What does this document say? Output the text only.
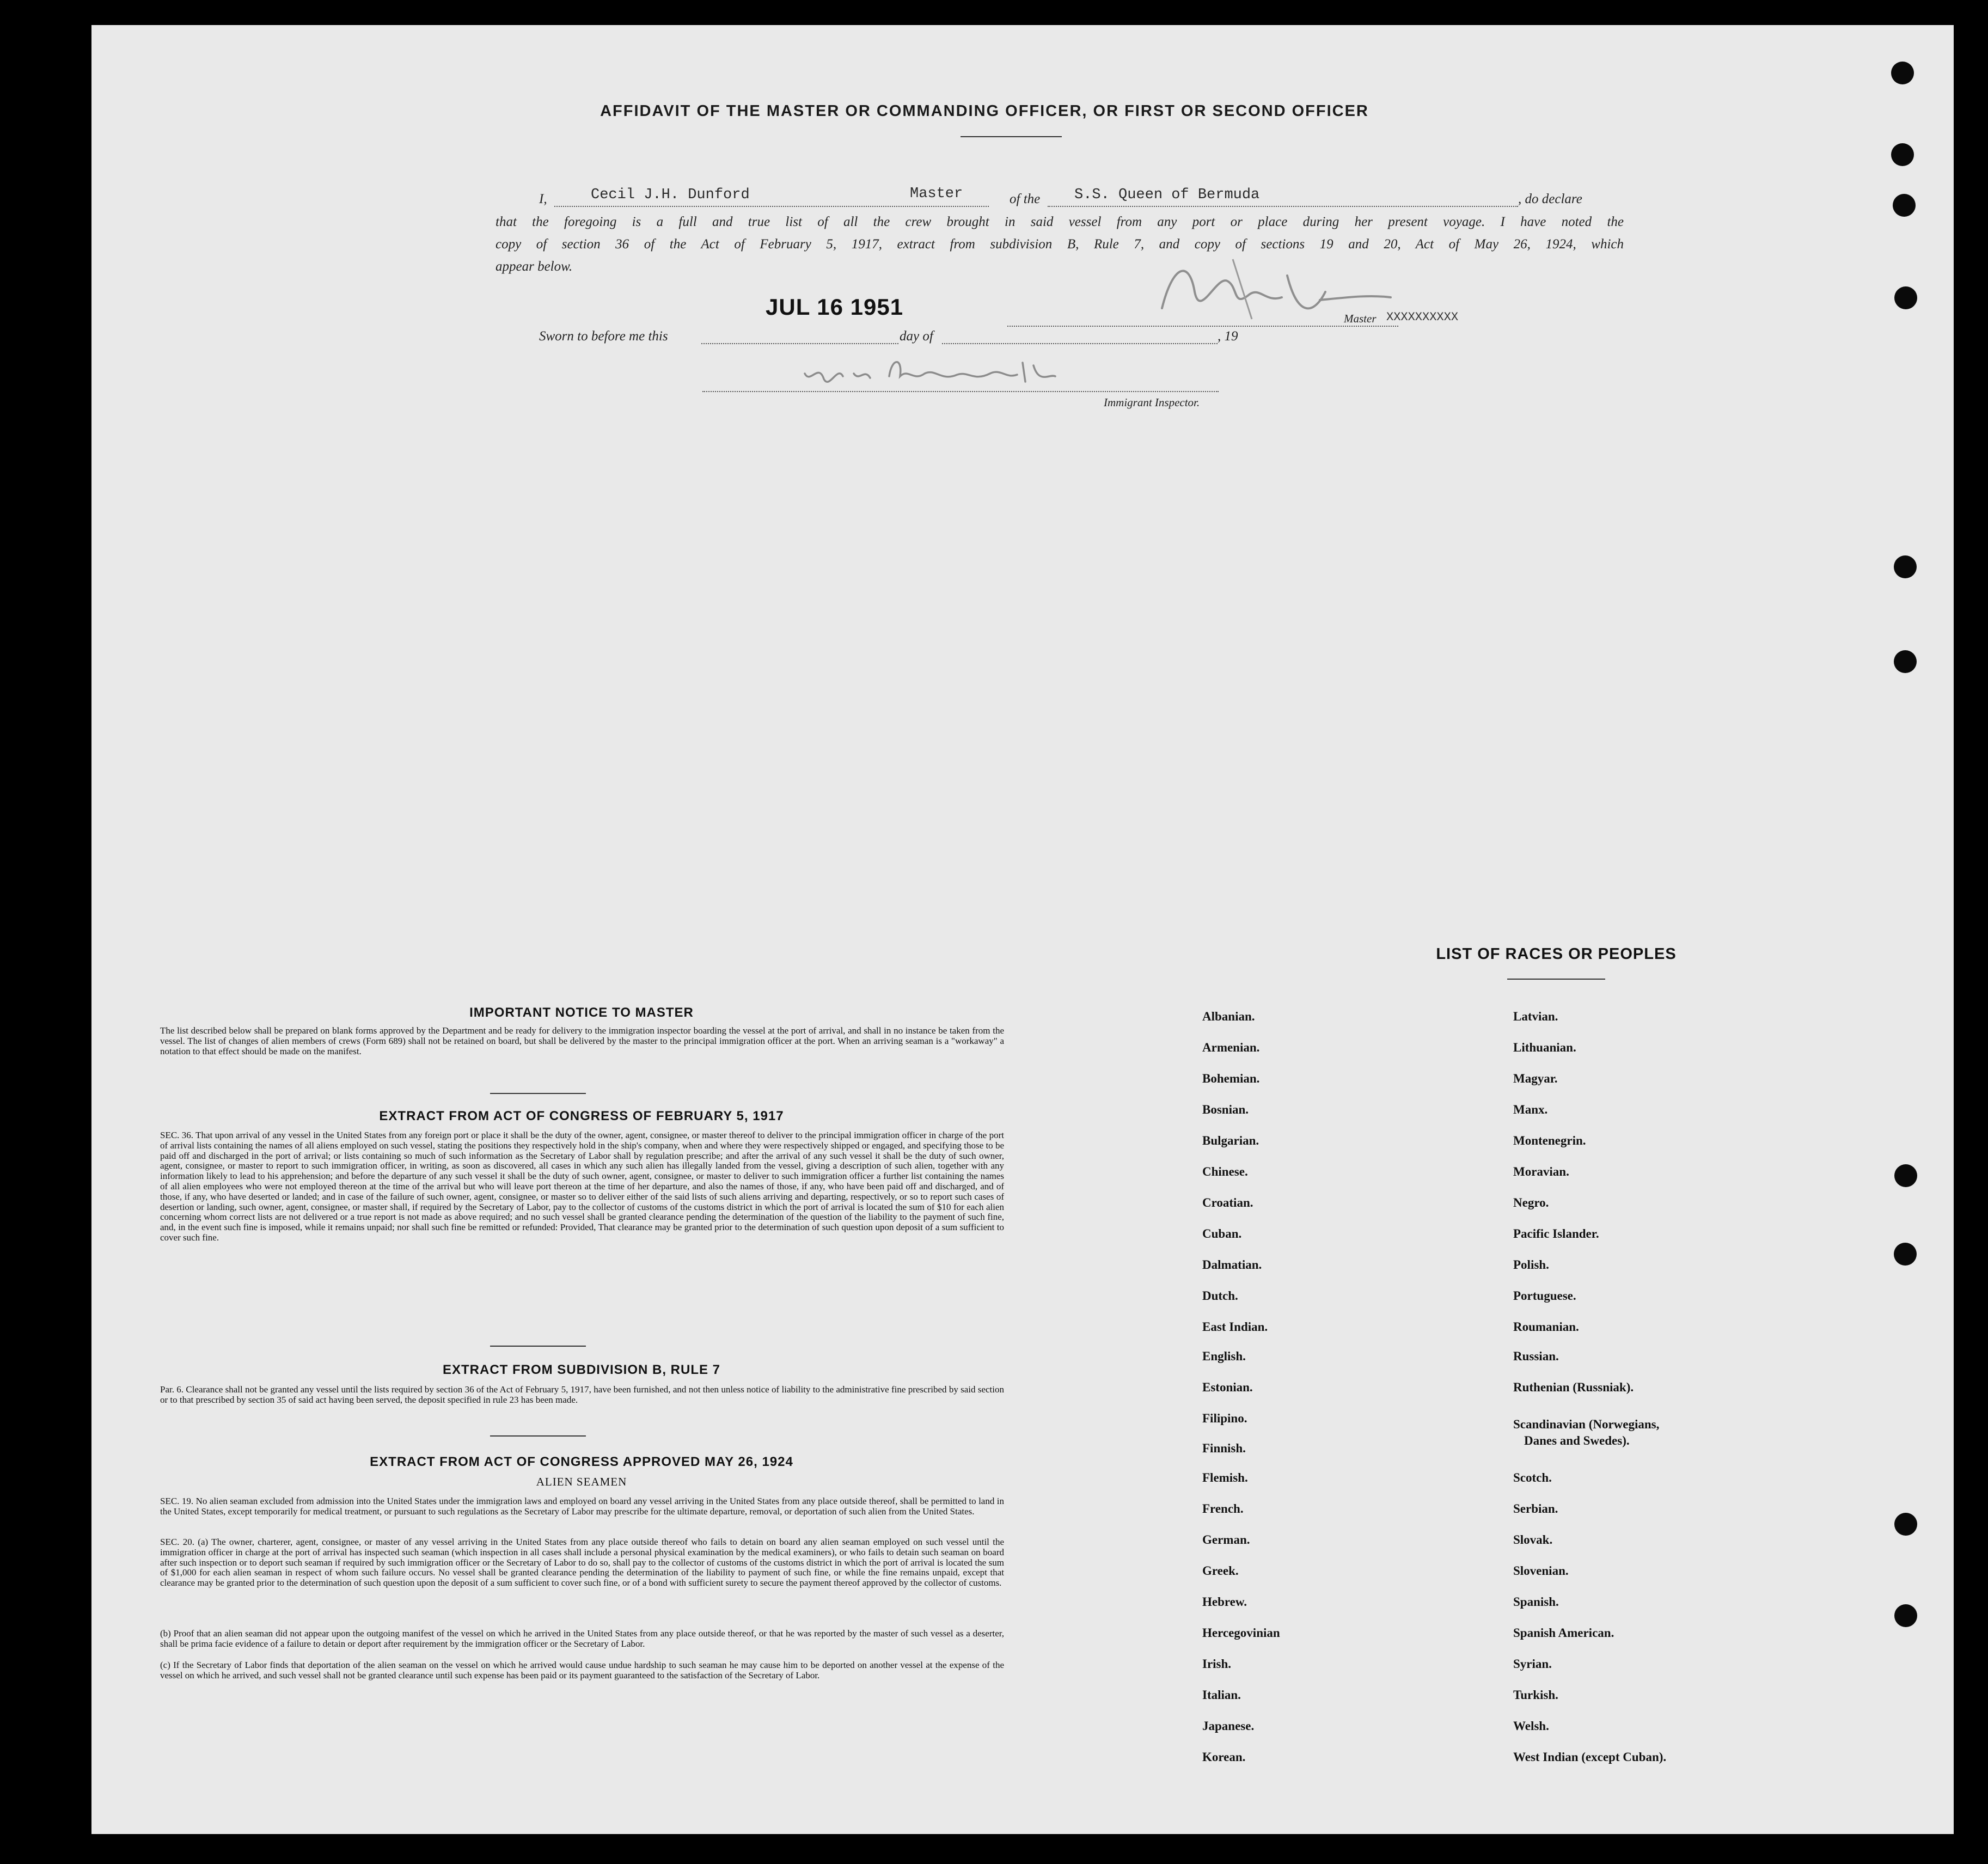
AFFIDAVIT OF THE MASTER OR COMMANDING OFFICER, OR FIRST OR SECOND OFFICER
I,	Cecil J.H. Dunford	Master	of the S.S. Queen of Bermuda	, do declare
that the foregoing is a full and true list of all the crew brought in said vessel from any port or place during her present voyage. I have noted the
copy of section 36 of the Act of February 5, 1917, extract from subdivision B, Rule 7, and copy of sections 19 and 20, Act of May 26, 1924, which
appear below.
JUL 16 1951	Master XXXXXXXXXX
Sworn to before me this	day of	, 19
Immigrant Inspector.
IMPORTANT NOTICE TO MASTER
The list described below shall be prepared on blank forms approved by the Department and be ready for delivery to the immigration inspector boarding the vessel at the port of arrival, and shall in no instance be taken from the vessel. The list of changes of alien members of crews (Form 689) shall not be retained on board, but shall be delivered by the master to the principal immigration officer at the port. When an arriving seaman is a "workaway" a notation to that effect should be made on the manifest.
EXTRACT FROM ACT OF CONGRESS OF FEBRUARY 5, 1917
SEC. 36. That upon arrival of any vessel in the United States from any foreign port or place it shall be the duty of the owner, agent, consignee, or master thereof to deliver to the principal immigration officer in charge of the port of arrival lists containing the names of all aliens employed on such vessel, stating the positions they respectively hold in the ship's company, when and where they were respectively shipped or engaged, and specifying those to be paid off and discharged in the port of arrival; or lists containing so much of such information as the Secretary of Labor shall by regulation prescribe; and after the arrival of any such vessel it shall be the duty of such owner, agent, consignee, or master to report to such immigration officer, in writing, as soon as discovered, all cases in which any such alien has illegally landed from the vessel, giving a description of such alien, together with any information likely to lead to his apprehension; and before the departure of any such vessel it shall be the duty of such owner, agent, consignee, or master to deliver to such immigration officer a further list containing the names of all alien employees who were not employed thereon at the time of the arrival but who will leave port thereon at the time of her departure, and also the names of those, if any, who have been paid off and discharged, and of those, if any, who have deserted or landed; and in case of the failure of such owner, agent, consignee, or master so to deliver either of the said lists of such aliens arriving and departing, respectively, or so to report such cases of desertion or landing, such owner, agent, consignee, or master shall, if required by the Secretary of Labor, pay to the collector of customs of the customs district in which the port of arrival is located the sum of $10 for each alien concerning whom correct lists are not delivered or a true report is not made as above required; and no such vessel shall be granted clearance pending the determination of the question of the liability to the payment of such fine, and, in the event such fine is imposed, while it remains unpaid; nor shall such fine be remitted or refunded: Provided, That clearance may be granted prior to the determination of such question upon deposit of a sum sufficient to cover such fine.
EXTRACT FROM SUBDIVISION B, RULE 7
Par. 6. Clearance shall not be granted any vessel until the lists required by section 36 of the Act of February 5, 1917, have been furnished, and not then unless notice of liability to the administrative fine prescribed by said section or to that prescribed by section 35 of said act having been served, the deposit specified in rule 23 has been made.
EXTRACT FROM ACT OF CONGRESS APPROVED MAY 26, 1924
ALIEN SEAMEN
SEC. 19. No alien seaman excluded from admission into the United States under the immigration laws and employed on board any vessel arriving in the United States from any place outside thereof, shall be permitted to land in the United States, except temporarily for medical treatment, or pursuant to such regulations as the Secretary of Labor may prescribe for the ultimate departure, removal, or deportation of such alien from the United States.
SEC. 20. (a) The owner, charterer, agent, consignee, or master of any vessel arriving in the United States from any place outside thereof who fails to detain on board any alien seaman employed on such vessel until the immigration officer in charge at the port of arrival has inspected such seaman (which inspection in all cases shall include a personal physical examination by the medical examiners), or who fails to detain such seaman on board after such inspection or to deport such seaman if required by such immigration officer or the Secretary of Labor to do so, shall pay to the collector of customs of the customs district in which the port of arrival is located the sum of $1,000 for each alien seaman in respect of whom such failure occurs. No vessel shall be granted clearance pending the determination of the liability to payment of such fine, or while the fine remains unpaid, except that clearance may be granted prior to the determination of such question upon the deposit of a sum sufficient to cover such fine, or of a bond with sufficient surety to secure the payment thereof approved by the collector of customs.
(b) Proof that an alien seaman did not appear upon the outgoing manifest of the vessel on which he arrived in the United States from any place outside thereof, or that he was reported by the master of such vessel as a deserter, shall be prima facie evidence of a failure to detain or deport after requirement by the immigration officer or the Secretary of Labor.
(c) If the Secretary of Labor finds that deportation of the alien seaman on the vessel on which he arrived would cause undue hardship to such seaman he may cause him to be deported on another vessel at the expense of the vessel on which he arrived, and such vessel shall not be granted clearance until such expense has been paid or its payment guaranteed to the satisfaction of the Secretary of Labor.
LIST OF RACES OR PEOPLES
Albanian.
Armenian.
Bohemian.
Bosnian.
Bulgarian.
Chinese.
Croatian.
Cuban.
Dalmatian.
Dutch.
East Indian.
English.
Estonian.
Filipino.
Finnish.
Flemish.
French.
German.
Greek.
Hebrew.
Hercegovinian
Irish.
Italian.
Japanese.
Korean.
Latvian.
Lithuanian.
Magyar.
Manx.
Montenegrin.
Moravian.
Negro.
Pacific Islander.
Polish.
Portuguese.
Roumanian.
Russian.
Ruthenian (Russniak).
Scandinavian (Norwegians,
Danes and Swedes).
Scotch.
Serbian.
Slovak.
Slovenian.
Spanish.
Spanish American.
Syrian.
Turkish.
Welsh.
West Indian (except Cuban).
